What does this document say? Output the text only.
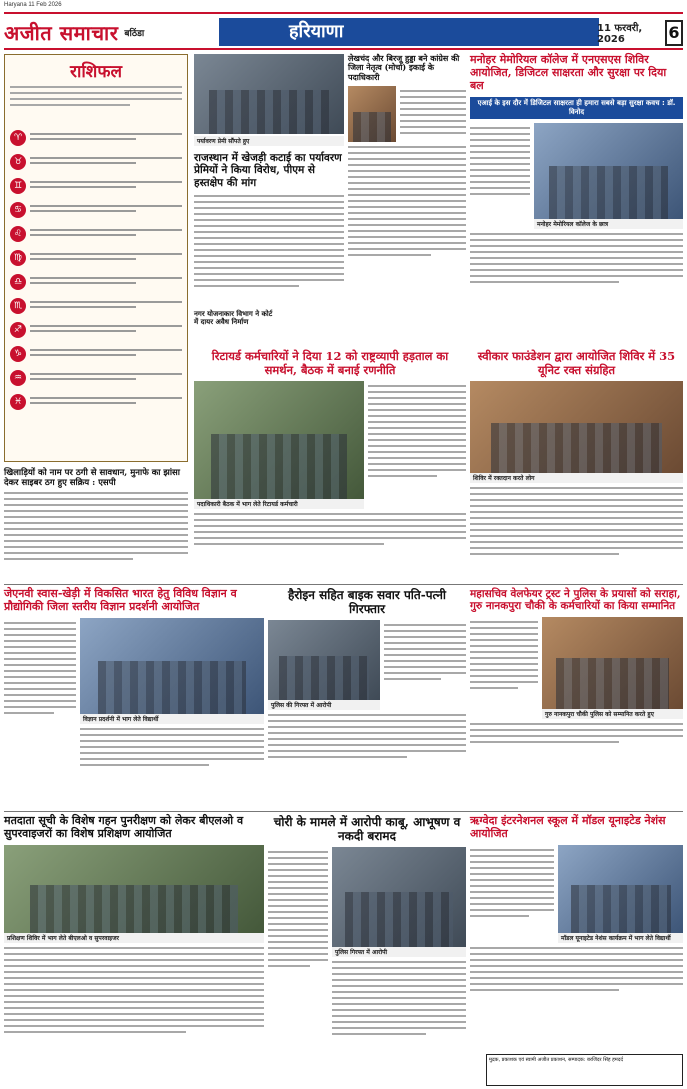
Haryana 11 Feb 2026
अजीत समाचार बठिंडा	हरियाणा	11 फरवरी, 2026	6
राशिफल
♈
♉
♊
♋
♌
♍
♎
♏
♐
♑
♒
♓
पर्यावरण प्रेमी सौंपते हुए
राजस्थान में खेजड़ी कटाई का पर्यावरण प्रेमियों ने किया विरोध, पीएम से हस्तक्षेप की मांग
लेखचंद और बिरजू हुड्डा बने कांग्रेस की जिला नेतृत्व (मोर्चा) इकाई के पदाधिकारी
मनोहर मेमोरियल कॉलेज में एनएसएस शिविर आयोजित, डिजिटल साक्षरता और सुरक्षा पर दिया बल
एआई के इस दौर में डिजिटल साक्षरता ही हमारा सबसे बड़ा सुरक्षा कवच : डॉ. विनोद
मनोहर मेमोरियल कॉलेज के छात्र
खिलाड़ियों को नाम पर ठगी से सावधान, मुनाफे का झांसा देकर साइबर ठग हुए सक्रिय : एसपी
रिटायर्ड कर्मचारियों ने दिया 12 को राष्ट्रव्यापी हड़ताल का समर्थन, बैठक में बनाई रणनीति
पदाधिकारी बैठक में भाग लेते रिटायर्ड कर्मचारी
नगर योजनाकार विभाग ने कोर्ट में दायर अवैध निर्माण
स्वीकार फाउंडेशन द्वारा आयोजित शिविर में 35 यूनिट रक्त संग्रहित
शिविर में रक्तदान करते लोग
जेएनवी स्वास-खेड़ी में विकसित भारत हेतु विविध विज्ञान व प्रौद्योगिकी जिला स्तरीय विज्ञान प्रदर्शनी आयोजित
विज्ञान प्रदर्शनी में भाग लेते विद्यार्थी
हैरोइन सहित बाइक सवार पति-पत्नी गिरफ्तार
पुलिस की गिरफ्त में आरोपी
महासचिव वेलफेयर ट्रस्ट ने पुलिस के प्रयासों को सराहा, गुरु नानकपुरा चौकी के कर्मचारियों का किया सम्मानित
गुरु नानकपुरा चौकी पुलिस को सम्मानित करते हुए
मतदाता सूची के विशेष गहन पुनरीक्षण को लेकर बीएलओ व सुपरवाइजरों का विशेष प्रशिक्षण आयोजित
प्रशिक्षण शिविर में भाग लेते बीएलओ व सुपरवाइजर
चोरी के मामले में आरोपी काबू, आभूषण व नकदी बरामद
पुलिस गिरफ्त में आरोपी
ऋग्वेदा इंटरनेशनल स्कूल में मॉडल यूनाइटेड नेशंस आयोजित
मॉडल यूनाइटेड नेशंस कार्यक्रम में भाग लेते विद्यार्थी
मुद्रक, प्रकाशक एवं स्वामी अजीत प्रकाशन, सम्पादक: बरजिंदर सिंह हमदर्द
